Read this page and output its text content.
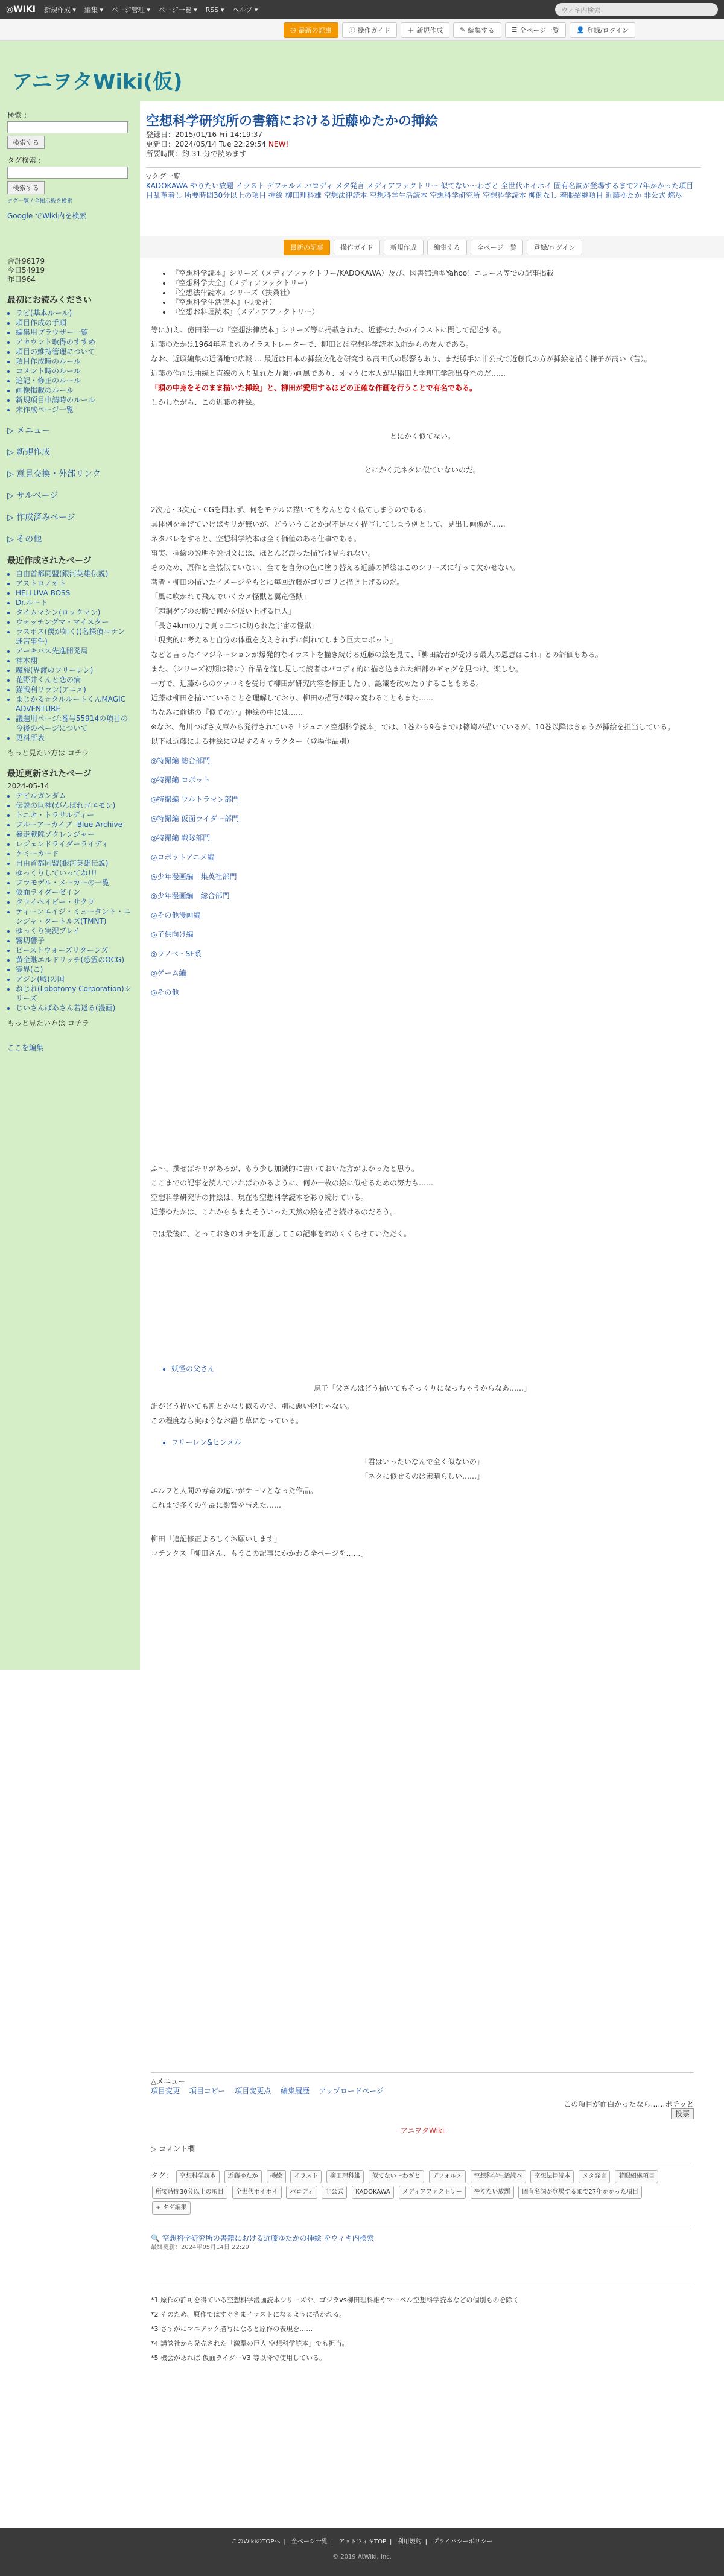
◎WIKI 新規作成 ▾ 編集 ▾ ページ管理 ▾ ページ一覧 ▾ RSS ▾ ヘルプ ▾	ウィキ内検索
◷ 最新の記事	ⓘ 操作ガイド	＋ 新規作成	✎ 編集する	☰ 全ページ一覧	👤 登録/ログイン
アニヲタWiki(仮)
最新の記事	操作ガイド	新規作成	編集する	全ページ一覧	登録/ログイン
検索 :
検索する
タグ検索 :
検索する
タグ一覧 / 全掲示板を検索
Google でWiki内を検索
合計96179
今日54919
昨日964
最初にお読みください
• ラビ(基本ルール)
• 項目作成の手順
• 編集用ブラウザー一覧
• アカウント取得のすすめ
• 項目の維持管理について
• 項目作成時のルール
• コメント時のルール
• 追記・修正のルール
• 画像掲載のルール
• 新規項目申請時のルール
• 未作成ページ一覧
▷ メニュー
▷ 新規作成
▷ 意見交換・外部リンク
▷ サルベージ
▷ 作成済みページ
▷ その他
最近作成されたページ
• 自由首都同盟(銀河英雄伝説)
• アストロノオト
• HELLUVA BOSS
• Dr.ルート
• タイムマシン(ロックマン)
• ウォッチングマ・マイスター
• ラスボス(僕が如く)(名探偵コナン 迷宮事件)
• アーキバス先進開発局
• 神木翔
• 魔族(界渡のフリーレン)
• 花野井くんと恋の病
• 猫戦利リラン(アニメ)
• まじかる☆タルルートくんMAGIC ADVENTURE
• 議題用ページ:番号55914の項目の今後のページについて
• 更料所表
もっと見たい方は コチラ
最近更新されたページ
2024-05-14
• デビルガンダム
• 伝説の巨神(がんばれゴエモン)
• トニオ・トラサルディー
• ブルーアーカイブ -Blue Archive-
• 暴走戦隊ゾクレンジャー
• レジェンドライダーライディ
• ケミーカード
• 自由首都同盟(銀河英雄伝説)
• ゆっくりしていってね!!!
• ブラモデル・メーカーの一覧
• 仮面ライダーゼイン
• クライペイビー・サクラ
• ティーンエイジ・ミュータント・ニンジャ・タートルズ(TMNT)
• ゆっくり実況プレイ
• 霧切響子
• ビーストウォーズリターンズ
• 黄金継エルドリッチ(恐霊のOCG)
• 霊界(こ)
• アジン(戦)の国
• ねじれ(Lobotomy Corporation)シリーズ
• じいさんばあさん若返る(漫画)
もっと見たい方は コチラ
ここを編集
空想科学研究所の書籍における近藤ゆたかの挿絵
登録日：2015/01/16 Fri 14:19:37
更新日：2024/05/14 Tue 22:29:54 NEW!
所要時間：約 31 分で読めます
▽タグ一覧
KADOKAWA やりたい放題 イラスト デフォルメ パロディ メタ発言 メディアファクトリー 似てない～わざと 全世代ホイホイ 固有名詞が登場するまで27年かかった項目 目乱革着し 所要時間30分以上の項目 挿絵 柳田理科雄 空想法律読本 空想科学生活読本 空想科学研究所 空想科学読本 柳倒なし 着眼紹継項目 近藤ゆたか 非公式 燃尽
• 『空想科学読本』シリーズ（メディアファクトリー/KADOKAWA）及び、図書館通型Yahoo！ニュース等での記事掲載
• 『空想科学大全』（メディアファクトリー）
• 『空想法律読本』シリーズ（扶桑社）
• 『空想科学生活読本』（扶桑社）
• 『空想お料理読本』（メディアファクトリー）

等に加え、億田栄一の『空想法律読本』シリーズ等に掲載された、近藤ゆたかのイラストに関して記述する。

近藤ゆたかは1964年産まれのイラストレーターで、柳田とは空想科学読本以前からの友人である。

なお、近頃編集の近隣地で広報 … 最近は日本の挿絵文化を研究する高田氏の影響もあり、まだ勝手に非公式で近藤氏の方が挿絵を描く様子が高い（苦）。

近藤の作画は曲線と直線の入り乱れた力強い画風であり、オマケに本人が早稲田大学理工学部出身なのだ……

「頭の中身をそのまま描いた挿絵」と、柳田が愛用するほどの正確な作画を行うことで有名である。

しかしながら、この近藤の挿絵。

とにかく似てない。

とにかく元ネタに似ていないのだ。

2次元・3次元・CGを問わず、何をモデルに描いてもなんとなく似てしまうのである。

具体例を挙げていけばキリが無いが、どういうことか過不足なく描写してしまう例として、見出し画像が……

ネタバレをすると、空想科学読本は全く価値のある仕事である。

事実、挿絵の説明や説明文には、ほとんど誤った描写は見られない。

そのため、原作と全然似ていない、全てを自分の色に塗り替える近藤の挿絵はこのシリーズに行って欠かせない。

著者・柳田の描いたイメージをもとに毎回近藤がゴリゴリと描き上げるのだ。

「風に吹かれて飛んでいくカメ怪獣と翼竜怪獣」

「超鋼ゲブのお腹で何かを吸い上げる巨人」

「長さ4kmの刀で真っ二つに切られた宇宙の怪獣」

「現実的に考えると自分の体重を支えきれずに倒れてしまう巨大ロボット」

などと言ったイマジネーションが爆発的なイラストを描き続ける近藤の絵を見て、『柳田読者が受ける最大の恩恵はこれ』との評価もある。

また、（シリーズ初期は特に）作品を流し見して読者はパロディ的に描き込まれた細部のギャグを見つけ、楽しむ。

一方で、近藤からのツッコミを受けて柳田が研究内容を修正したり、認識を改めたりすることもある。

近藤は柳田を描いていることを理解しており、柳田の描写が時々変わることもまた……

ちなみに前述の『似てない』挿絵の中には……

※なお、角川つばさ文庫から発行されている「ジュニア空想科学読本」では、1巻から9巻までは篠崎が描いているが、10巻以降はきゅうが挿絵を担当している。

以下は近藤による挿絵に登場するキャラクター（登場作品別）

◎特撮編 総合部門
◎特撮編 ロボット
◎特撮編 ウルトラマン部門
◎特撮編 仮面ライダー部門
◎特撮編 戦隊部門
◎ロボットアニメ編
◎少年漫画編　集英社部門
◎少年漫画編　総合部門
◎その他漫画編
◎子供向け編
◎ラノベ・SF系
◎ゲーム編
◎その他

ふ～、撰ぜばキリがあるが、もう少し加減的に書いておいた方がよかったと思う。

ここまでの記事を読んでいればわかるように、何か一枚の絵に似せるための努力も……

空想科学研究所の挿絵は、現在も空想科学読本を彩り続けている。

近藤ゆたかは、これからもまたそういった天然の絵を描き続けるのだろう。

では最後に、とっておきのオチを用意してこの記事を締めくくらせていただく。

• 妖怪の父さん

息子「父さんはどう描いてもそっくりになっちゃうからなあ……」

誰がどう描いても割とかなり似るので、別に悪い物じゃない。

この程度なら実は今なお語り草になっている。

• フリーレン&ヒンメル

「君はいったいなんで全く似ないの」

「ネタに似せるのは素晴らしい……」

エルフと人間の寿命の違いがテーマとなった作品。

これまで多くの作品に影響を与えた……

柳田「追記修正よろしくお願いします」

コテンクス「柳田さん、もうこの記事にかかわる全ページを……」

△メニュー
項目変更　 項目コピー　 項目変更点　 編集履歴　 アップロードページ
この項目が面白かったなら……ポチッと
投票
-アニヲタWiki-
▷ コメント欄
タグ： 空想科学読本 近藤ゆたか 挿絵 イラスト 柳田理科雄 似てない〜わざと デフォルメ 空想科学生活読本 空想法律読本 メタ発言 着眼紹継項目 所要時間30分以上の項目 全世代ホイホイ パロディ 非公式 KADOKAWA メディアファクトリー やりたい放題 固有名詞が登場するまで27年かかった項目
+ タグ編集
🔍 空想科学研究所の書籍における近藤ゆたかの挿絵 をウィキ内検索
最終更新：2024年05月14日 22:29

*1 原作の許可を得ている空想科学漫画読本シリーズや、ゴジラvs柳田理科雄やマーベル空想科学読本などの個別ものを除く

*2 そのため、原作ではすぐさまイラストになるように描かれる。

*3 さすがにマニアック描写になると原作の表現を……

*4 講談社から発売された「激撃の巨人 空想科学読本」でも担当。

*5 機会があれば 仮面ライダーV3 等以降で使用している。

このWikiのTOPへ | 全ページ一覧 | アットウィキTOP | 利用規約 | プライバシーポリシー
© 2019 AtWiki, Inc.
